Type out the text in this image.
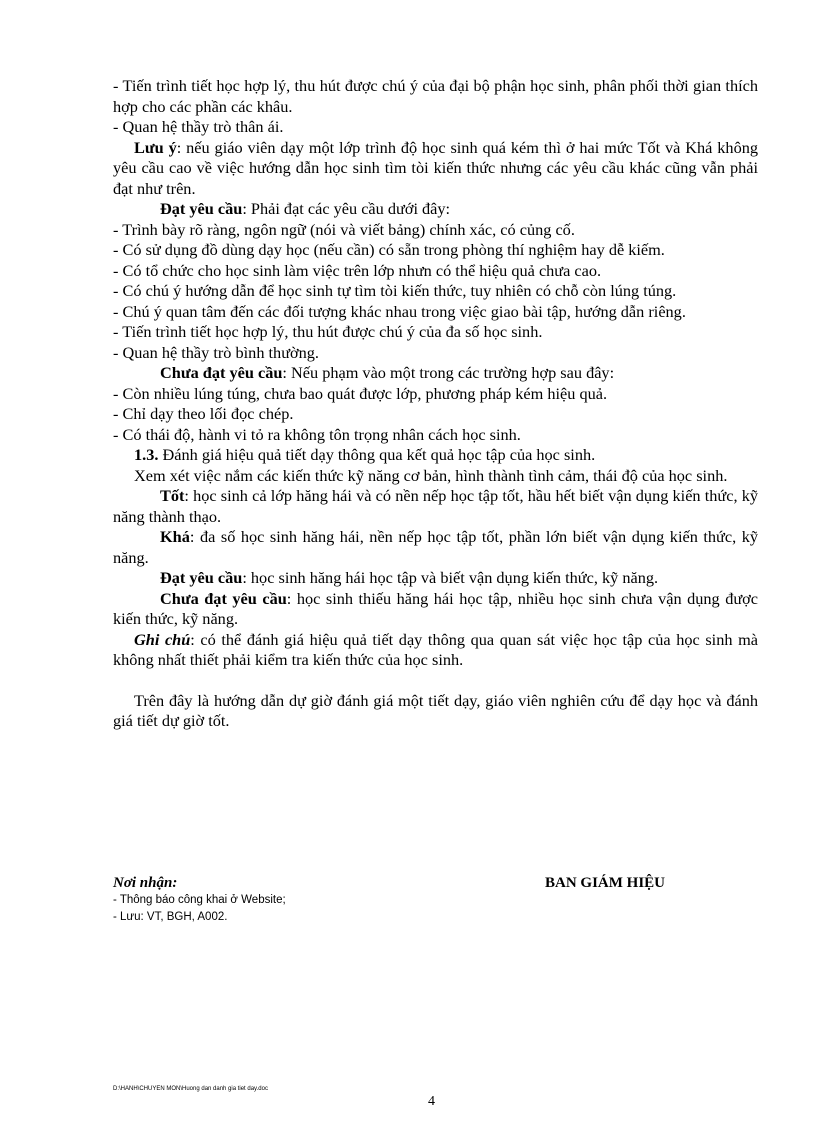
- Tiến trình tiết học hợp lý, thu hút được chú ý của đại bộ phận học sinh, phân phối thời gian thích hợp cho các phần các khâu.

- Quan hệ thầy trò thân ái.

Lưu ý: nếu giáo viên dạy một lớp trình độ học sinh quá kém thì ở hai mức Tốt và Khá không yêu cầu cao về việc hướng dẫn học sinh tìm tòi kiến thức nhưng các yêu cầu khác cũng vẫn phải đạt như trên.

Đạt yêu cầu: Phải đạt các yêu cầu dưới đây:

- Trình bày rõ ràng, ngôn ngữ (nói và viết bảng) chính xác, có củng cố.

- Có sử dụng đồ dùng dạy học (nếu cần) có sẵn trong phòng thí nghiệm hay dễ kiếm.

- Có tổ chức cho học sinh làm việc trên lớp nhưn có thể hiệu quả chưa cao.

- Có chú ý hướng dẫn để học sinh tự tìm tòi kiến thức, tuy nhiên có chỗ còn lúng túng.

- Chú ý quan tâm đến các đối tượng khác nhau trong việc giao bài tập, hướng dẫn riêng.

- Tiến trình tiết học hợp lý, thu hút được chú ý của đa số học sinh.

- Quan hệ thầy trò bình thường.

Chưa đạt yêu cầu: Nếu phạm vào một trong các trường hợp sau đây:

- Còn nhiều lúng túng, chưa bao quát được lớp, phương pháp kém hiệu quả.

- Chỉ dạy theo lối đọc chép.

- Có thái độ, hành vi tỏ ra không tôn trọng nhân cách học sinh.

1.3. Đánh giá hiệu quả tiết dạy thông qua kết quả học tập của học sinh.

Xem xét việc nắm các kiến thức kỹ năng cơ bản, hình thành tình cảm, thái độ của học sinh.

Tốt: học sinh cả lớp hăng hái và có nền nếp học tập tốt, hầu hết biết vận dụng kiến thức, kỹ năng thành thạo.

Khá: đa số học sinh hăng hái, nền nếp học tập tốt, phần lớn biết vận dụng kiến thức, kỹ năng.

Đạt yêu cầu: học sinh hăng hái học tập và biết vận dụng kiến thức, kỹ năng.

Chưa đạt yêu cầu: học sinh thiếu hăng hái học tập, nhiều học sinh chưa vận dụng được kiến thức, kỹ năng.

Ghi chú: có thể đánh giá hiệu quả tiết dạy thông qua quan sát việc học tập của học sinh mà không nhất thiết phải kiểm tra kiến thức của học sinh.

Trên đây là hướng dẫn dự giờ đánh giá một tiết dạy, giáo viên nghiên cứu để dạy học và đánh giá tiết dự giờ tốt.

Nơi nhận:

- Thông báo công khai ở Website;

- Lưu: VT, BGH, A002.

BAN GIÁM HIỆU
D:\HANH\CHUYEN MON\Huong dan danh gia tiet day.doc
4
